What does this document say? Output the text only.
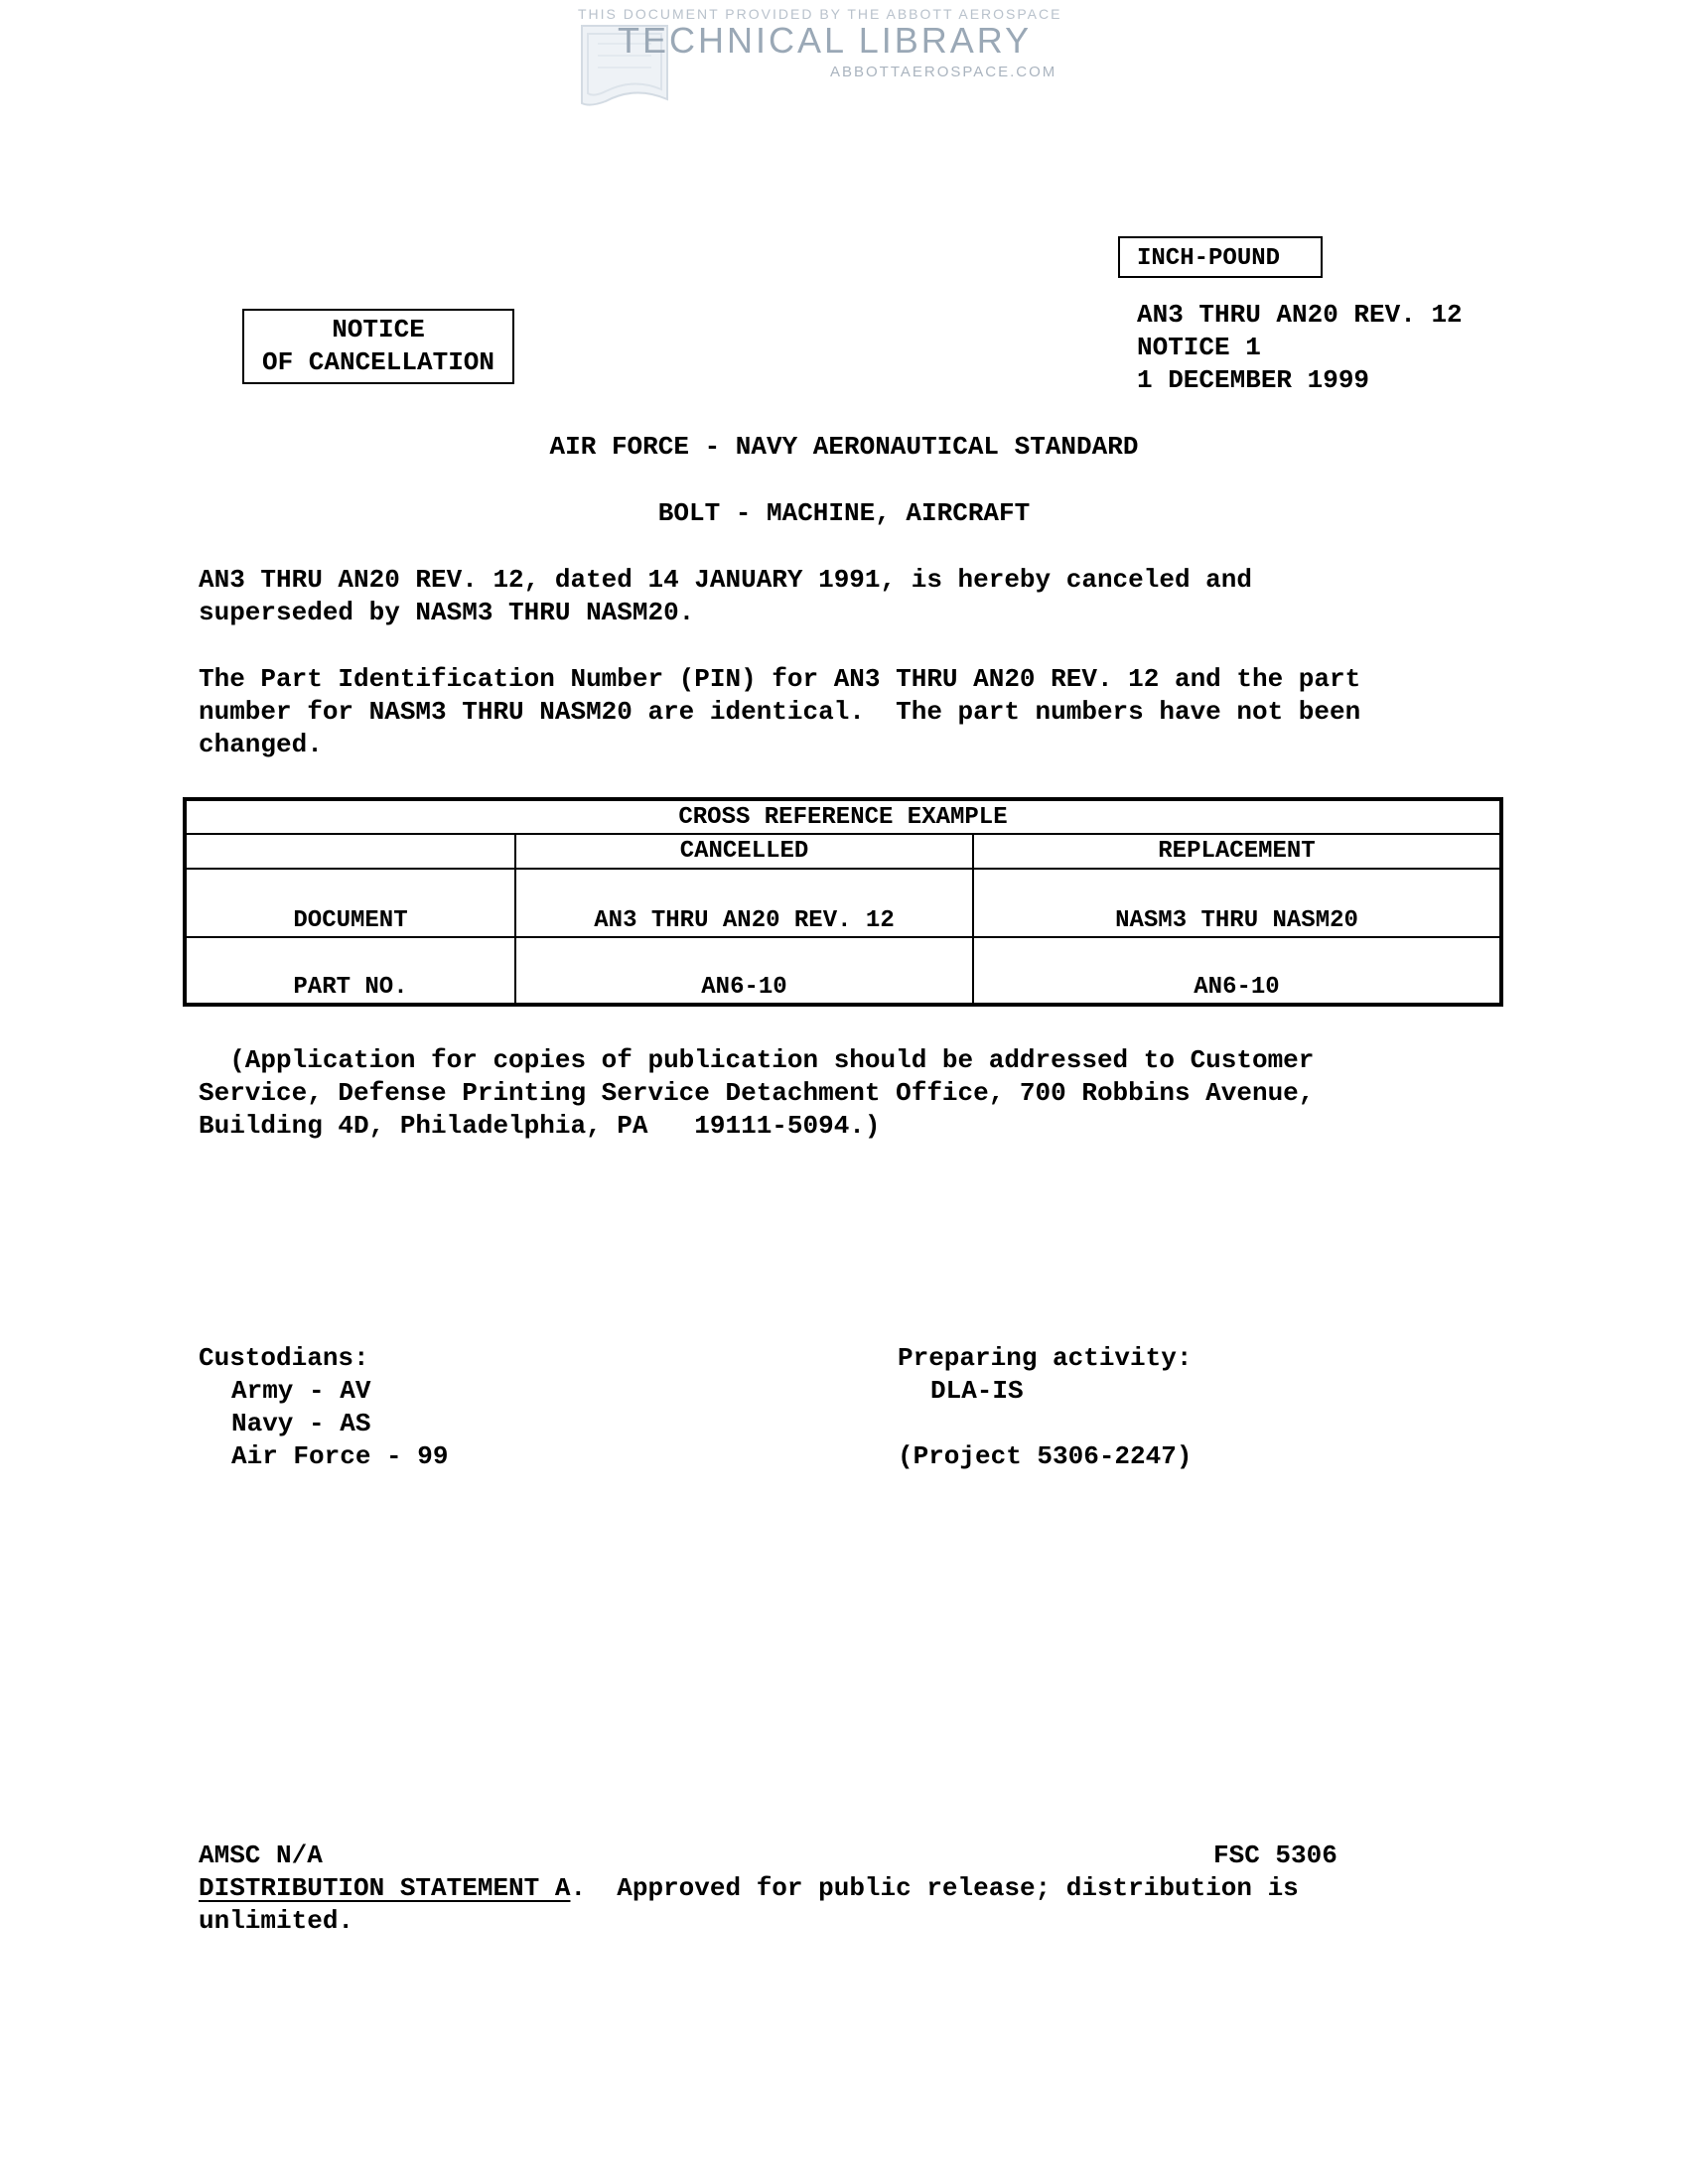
THIS DOCUMENT PROVIDED BY THE ABBOTT AEROSPACE
TECHNICAL LIBRARY
ABBOTTAEROSPACE.COM
INCH-POUND
NOTICE
OF CANCELLATION
AN3 THRU AN20 REV. 12
NOTICE 1
1 DECEMBER 1999
AIR FORCE - NAVY AERONAUTICAL STANDARD
BOLT - MACHINE, AIRCRAFT
AN3 THRU AN20 REV. 12, dated 14 JANUARY 1991, is hereby canceled and
superseded by NASM3 THRU NASM20.
The Part Identification Number (PIN) for AN3 THRU AN20 REV. 12 and the part
number for NASM3 THRU NASM20 are identical.  The part numbers have not been
changed.
CROSS REFERENCE EXAMPLE		
	CANCELLED	REPLACEMENT
DOCUMENT	AN3 THRU AN20 REV. 12	NASM3 THRU NASM20
PART NO.	AN6-10	AN6-10
(Application for copies of publication should be addressed to Customer
Service, Defense Printing Service Detachment Office, 700 Robbins Avenue,
Building 4D, Philadelphia, PA   19111-5094.)
Custodians:
Army - AV
Navy - AS
Air Force - 99
Preparing activity:
DLA-IS
(Project 5306-2247)
AMSC N/A	FSC 5306
DISTRIBUTION STATEMENT A.  Approved for public release; distribution is
unlimited.
